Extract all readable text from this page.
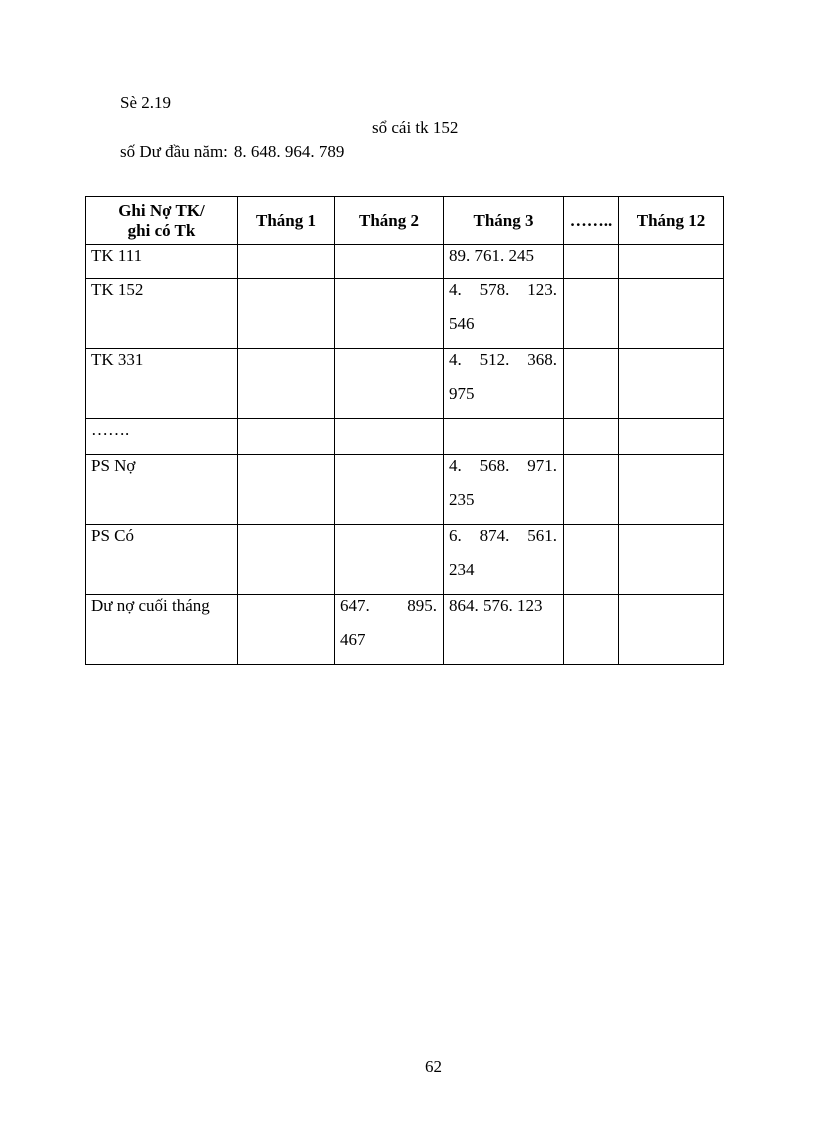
Sè 2.19
sổ cái tk 152
số Dư đầu năm: 8. 648. 964. 789
Ghi Nợ TK/
ghi có Tk	Tháng 1	Tháng 2	Tháng 3	……..	Tháng 12
TK 111			89. 761. 245		

TK 152			4. 578. 123.
546		

TK 331			4. 512. 368.
975		

…….					
PS Nợ			4. 568. 971.
235		

PS Có			6. 874. 561.
234		

Dư nợ cuối tháng		647. 895.
467	864. 576. 123		

62
